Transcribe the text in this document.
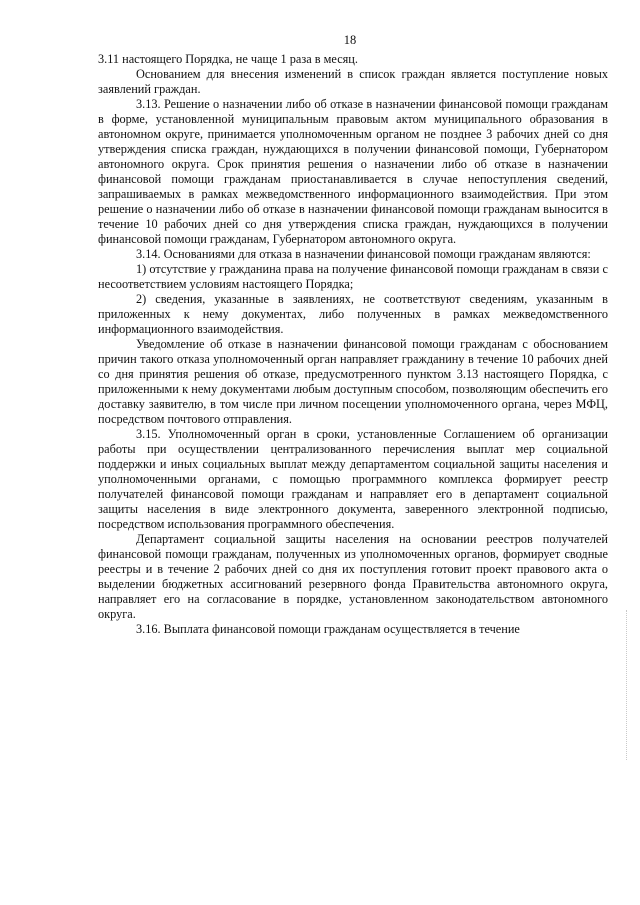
18

3.11 настоящего Порядка, не чаще 1 раза в месяц.

Основанием для внесения изменений в список граждан является поступление новых заявлений граждан.

3.13. Решение о назначении либо об отказе в назначении финансовой помощи гражданам в форме, установленной муниципальным правовым актом муниципального образования в автономном округе, принимается уполномоченным органом не позднее 3 рабочих дней со дня утверждения списка граждан, нуждающихся в получении финансовой помощи, Губернатором автономного округа. Срок принятия решения о назначении либо об отказе в назначении финансовой помощи гражданам приостанавливается в случае непоступления сведений, запрашиваемых в рамках межведомственного информационного взаимодействия. При этом решение о назначении либо об отказе в назначении финансовой помощи гражданам выносится в течение 10 рабочих дней со дня утверждения списка граждан, нуждающихся в получении финансовой помощи гражданам, Губернатором автономного округа.

3.14. Основаниями для отказа в назначении финансовой помощи гражданам являются:

1) отсутствие у гражданина права на получение финансовой помощи гражданам в связи с несоответствием условиям настоящего Порядка;

2) сведения, указанные в заявлениях, не соответствуют сведениям, указанным в приложенных к нему документах, либо полученных в рамках межведомственного информационного взаимодействия.

Уведомление об отказе в назначении финансовой помощи гражданам с обоснованием причин такого отказа уполномоченный орган направляет гражданину в течение 10 рабочих дней со дня принятия решения об отказе, предусмотренного пунктом 3.13 настоящего Порядка, с приложенными к нему документами любым доступным способом, позволяющим обеспечить его доставку заявителю, в том числе при личном посещении уполномоченного органа, через МФЦ, посредством почтового отправления.

3.15. Уполномоченный орган в сроки, установленные Соглашением об организации работы при осуществлении централизованного перечисления выплат мер социальной поддержки и иных социальных выплат между департаментом социальной защиты населения и уполномоченными органами, с помощью программного комплекса формирует реестр получателей финансовой помощи гражданам и направляет его в департамент социальной защиты населения в виде электронного документа, заверенного электронной подписью, посредством использования программного обеспечения.

Департамент социальной защиты населения на основании реестров получателей финансовой помощи гражданам, полученных из уполномоченных органов, формирует сводные реестры и в течение 2 рабочих дней со дня их поступления готовит проект правового акта о выделении бюджетных ассигнований резервного фонда Правительства автономного округа, направляет его на согласование в порядке, установленном законодательством автономного округа.

3.16. Выплата финансовой помощи гражданам осуществляется в течение
